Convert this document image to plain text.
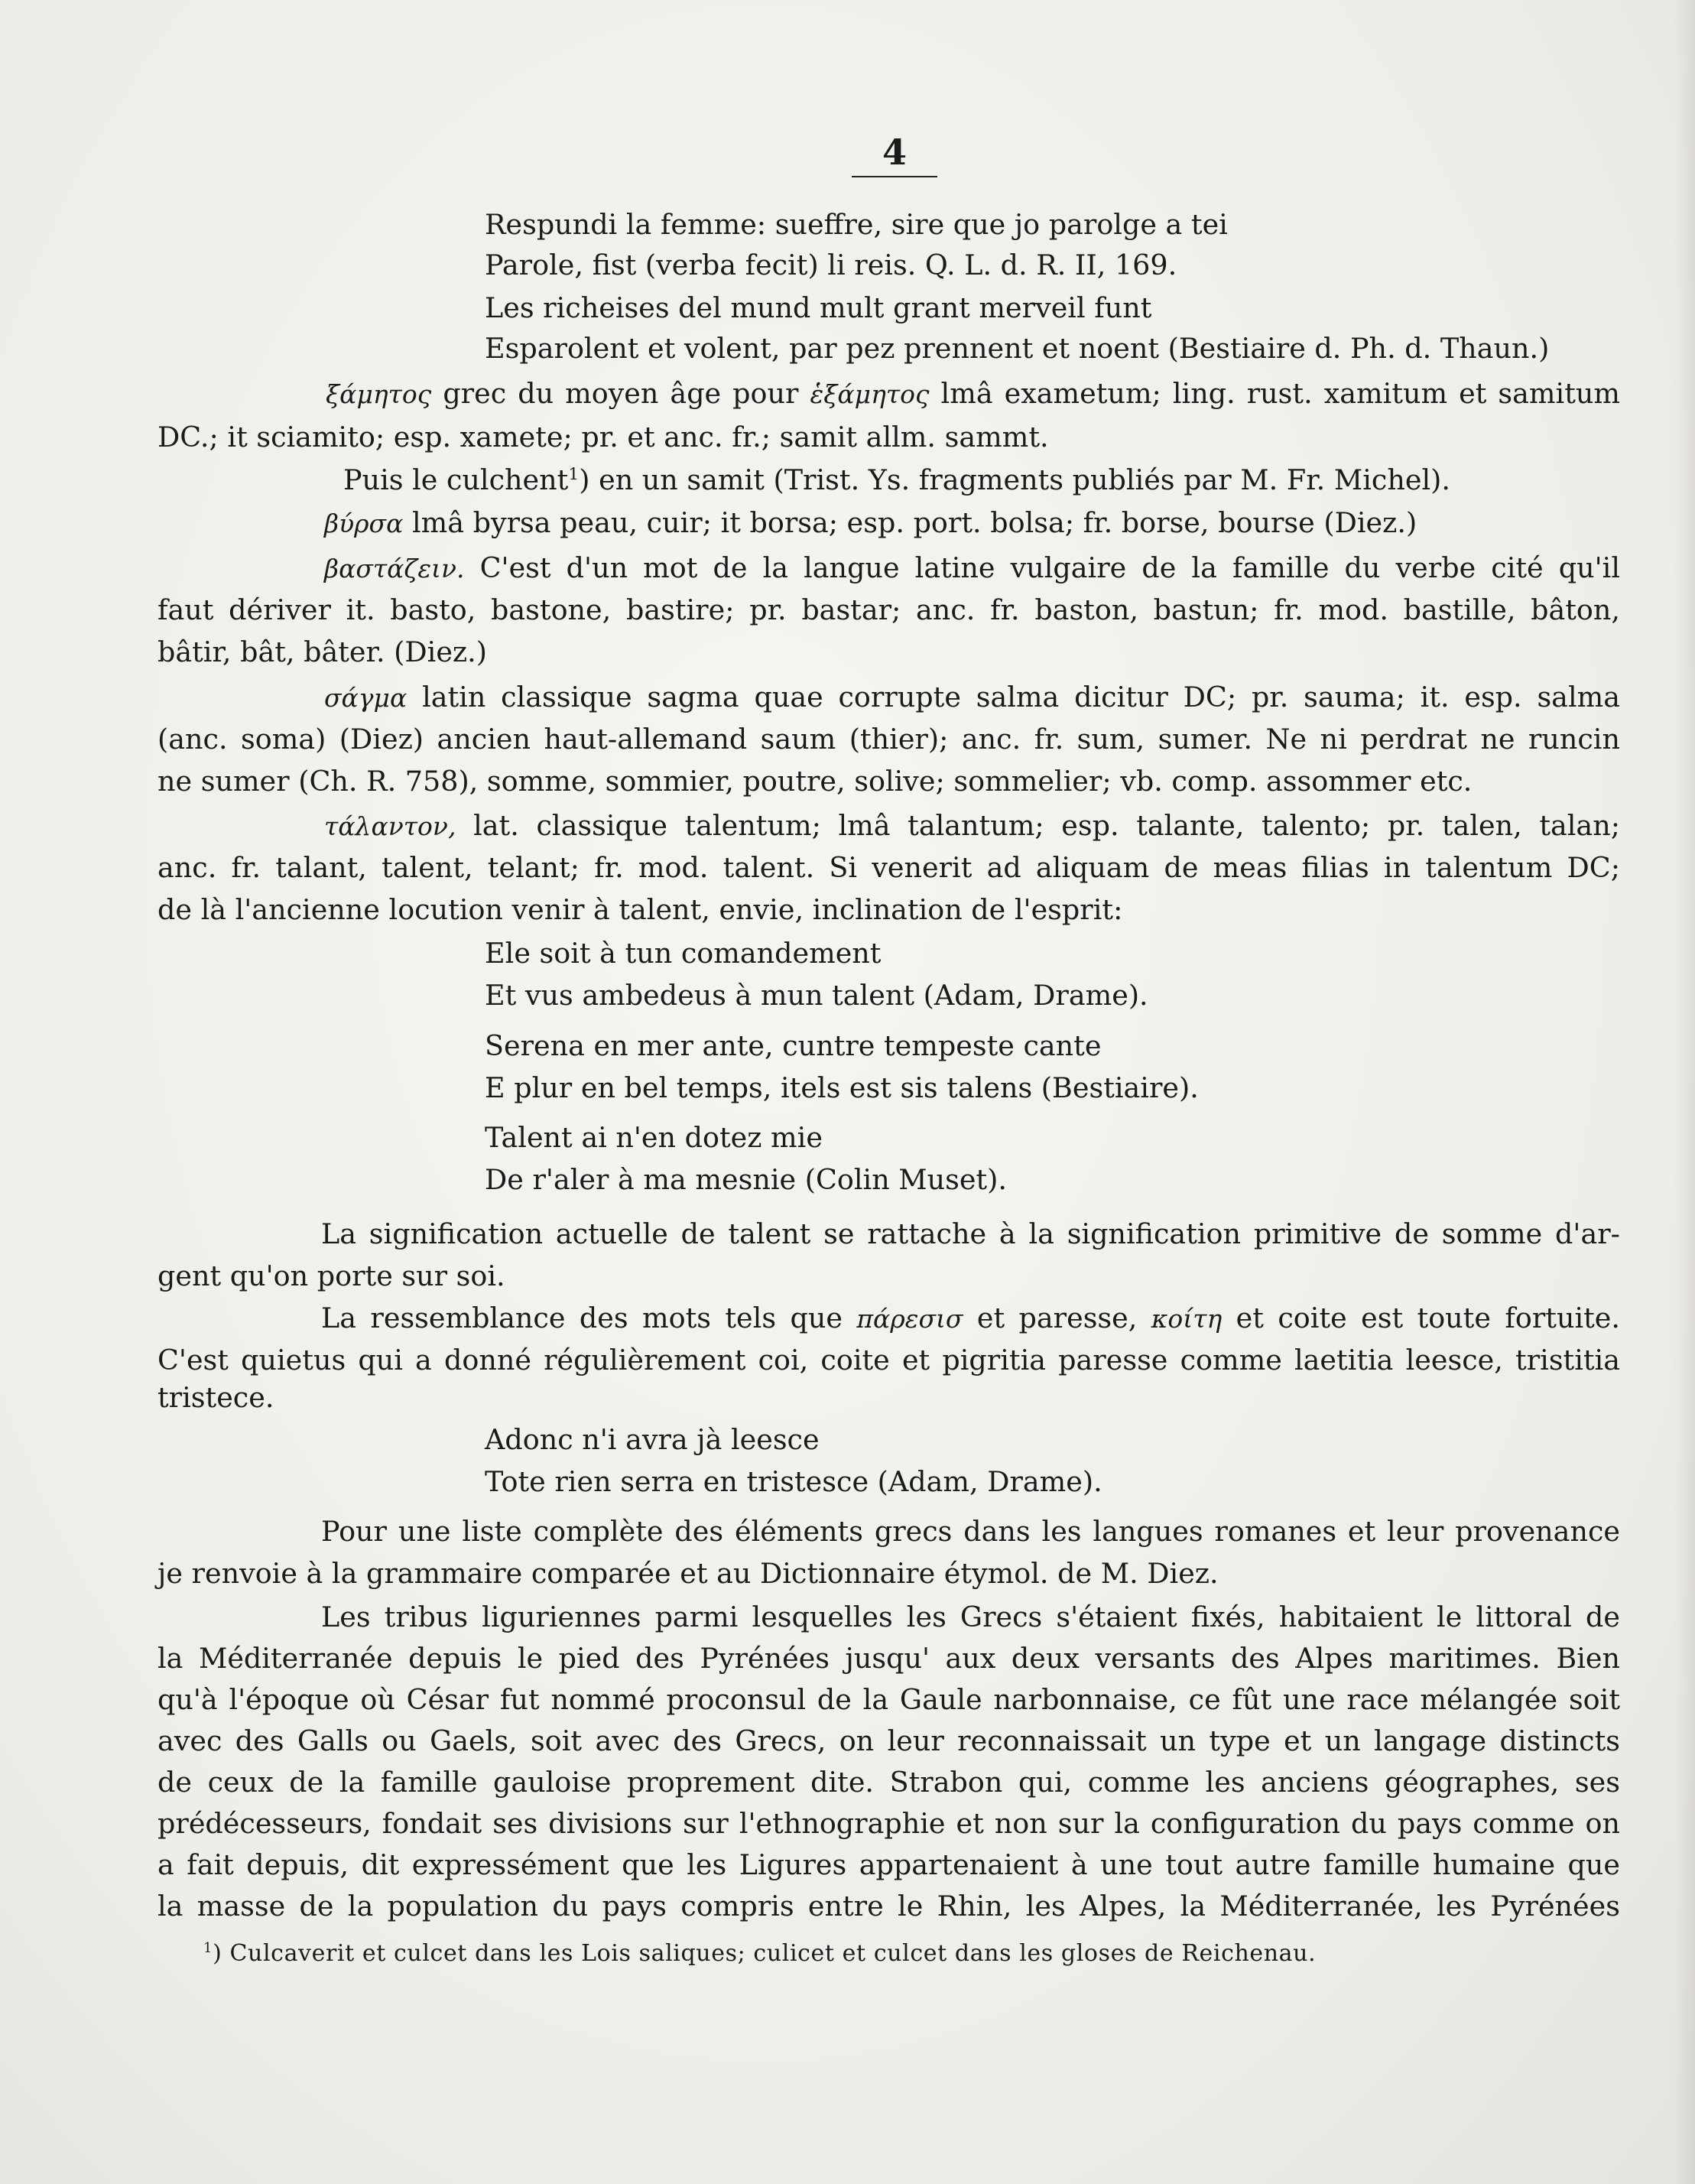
4
Respundi la femme: sueffre, sire que jo parolge a tei
Parole, fist (verba fecit) li reis. Q. L. d. R. II, 169.
Les richeises del mund mult grant merveil funt
Esparolent et volent, par pez prennent et noent (Bestiaire d. Ph. d. Thaun.)
ξάμητος grec du moyen âge pour ἑξάμητος lmâ exametum; ling. rust. xamitum et samitum
DC.; it sciamito; esp. xamete; pr. et anc. fr.; samit allm. sammt.
Puis le culchent$^1$) en un samit (Trist. Ys. fragments publiés par M. Fr. Michel).
βύρσα lmâ byrsa peau, cuir; it borsa; esp. port. bolsa; fr. borse, bourse (Diez.)
βαστάζειν. C'est d'un mot de la langue latine vulgaire de la famille du verbe cité qu'il
faut dériver it. basto, bastone, bastire; pr. bastar; anc. fr. baston, bastun; fr. mod. bastille, bâton,
bâtir, bât, bâter. (Diez.)
σάγμα latin classique sagma quae corrupte salma dicitur DC; pr. sauma; it. esp. salma
(anc. soma) (Diez) ancien haut-allemand saum (thier); anc. fr. sum, sumer. Ne ni perdrat ne runcin
ne sumer (Ch. R. 758), somme, sommier, poutre, solive; sommelier; vb. comp. assommer etc.
τάλαντον, lat. classique talentum; lmâ talantum; esp. talante, talento; pr. talen, talan;
anc. fr. talant, talent, telant; fr. mod. talent. Si venerit ad aliquam de meas filias in talentum DC;
de là l'ancienne locution venir à talent, envie, inclination de l'esprit:
Ele soit à tun comandement
Et vus ambedeus à mun talent (Adam, Drame).
Serena en mer ante, cuntre tempeste cante
E plur en bel temps, itels est sis talens (Bestiaire).
Talent ai n'en dotez mie
De r'aler à ma mesnie (Colin Muset).
La signification actuelle de talent se rattache à la signification primitive de somme d'ar-
gent qu'on porte sur soi.
La ressemblance des mots tels que πάρεσισ et paresse, κοίτη et coite est toute fortuite.
C'est quietus qui a donné régulièrement coi, coite et pigritia paresse comme laetitia leesce, tristitia
tristece.
Adonc n'i avra jà leesce
Tote rien serra en tristesce (Adam, Drame).
Pour une liste complète des éléments grecs dans les langues romanes et leur provenance
je renvoie à la grammaire comparée et au Dictionnaire étymol. de M. Diez.
Les tribus liguriennes parmi lesquelles les Grecs s'étaient fixés, habitaient le littoral de
la Méditerranée depuis le pied des Pyrénées jusqu' aux deux versants des Alpes maritimes. Bien
qu'à l'époque où César fut nommé proconsul de la Gaule narbonnaise, ce fût une race mélangée soit
avec des Galls ou Gaels, soit avec des Grecs, on leur reconnaissait un type et un langage distincts
de ceux de la famille gauloise proprement dite. Strabon qui, comme les anciens géographes, ses
prédécesseurs, fondait ses divisions sur l'ethnographie et non sur la configuration du pays comme on
a fait depuis, dit expressément que les Ligures appartenaient à une tout autre famille humaine que
la masse de la population du pays compris entre le Rhin, les Alpes, la Méditerranée, les Pyrénées
$^1$) Culcaverit et culcet dans les Lois saliques; culicet et culcet dans les gloses de Reichenau.
